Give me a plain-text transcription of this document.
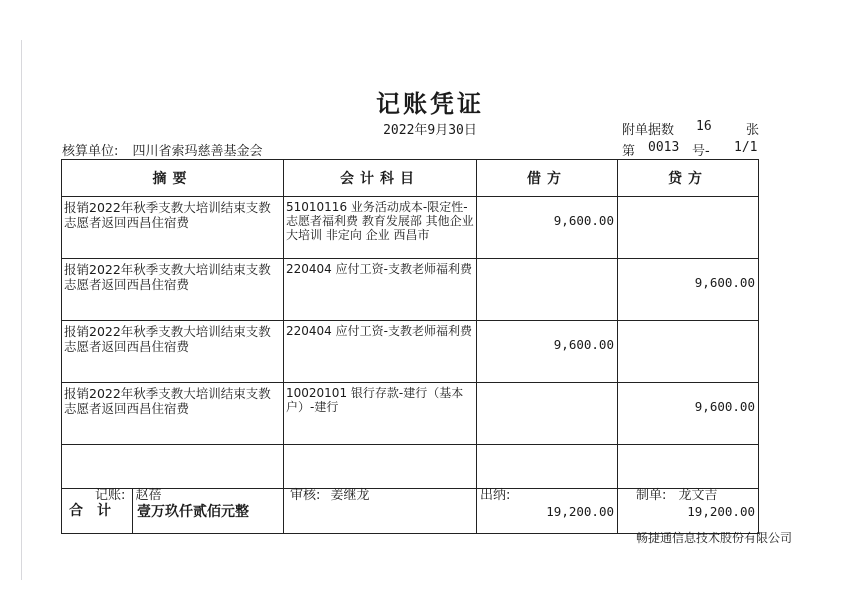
记账凭证
2022年9月30日
核算单位: 四川省索玛慈善基金会
附单据数 16	张
第 0013 号- 1/1
摘要	会计科目	借方	贷方
报销2022年秋季支教大培训结束支教志愿者返回西昌住宿费	51010116 业务活动成本-限定性-志愿者福利费 教育发展部 其他企业 大培训 非定向 企业 西昌市	9,600.00	
报销2022年秋季支教大培训结束支教志愿者返回西昌住宿费	220404 应付工资-支教老师福利费		9,600.00
报销2022年秋季支教大培训结束支教志愿者返回西昌住宿费	220404 应付工资-支教老师福利费	9,600.00	
报销2022年秋季支教大培训结束支教志愿者返回西昌住宿费	10020101 银行存款-建行（基本户）-建行		9,600.00

合计 壹万玖仟贰佰元整		19,200.00	19,200.00
记账: 赵蓓	审核: 姜继龙	出纳:	制单: 龙文吉
畅捷通信息技术股份有限公司
